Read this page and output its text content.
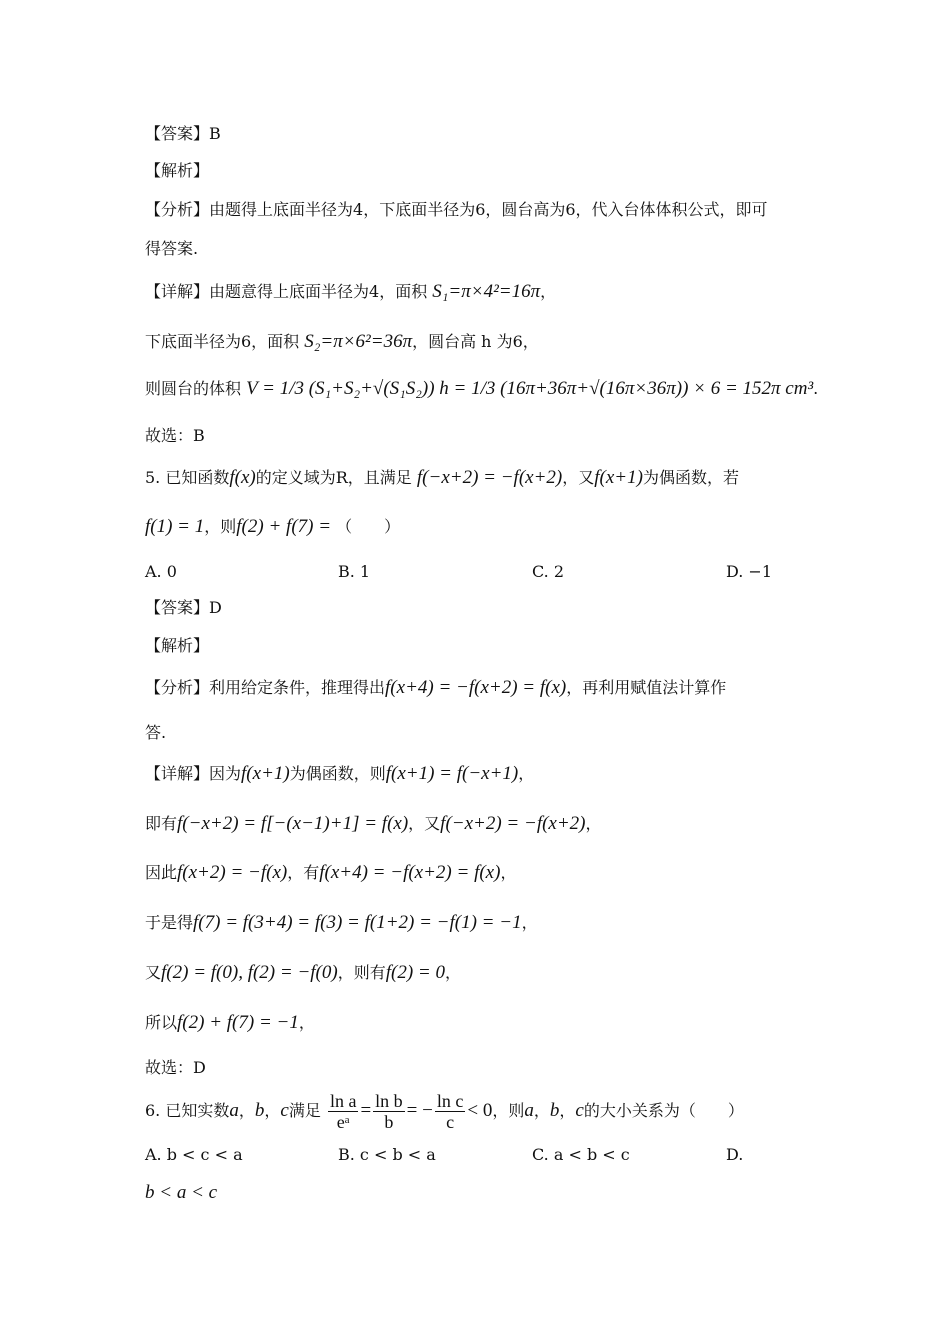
【答案】B
【解析】
【分析】由题得上底面半径为4，下底面半径为6，圆台高为6，代入台体体积公式，即可
得答案.
【详解】由题意得上底面半径为4，面积 S₁=π×4²=16π，
下底面半径为6，面积 S₂=π×6²=36π，圆台高 h 为6，
则圆台的体积 V = 1/3 (S₁+S₂+√(S₁S₂)) h = 1/3 (16π+36π+√(16π×36π)) × 6 = 152π cm³.
故选：B
5. 已知函数f(x)的定义域为R，且满足 f(−x+2) = −f(x+2)，又f(x+1)为偶函数，若
f(1) = 1，则f(2) + f(7) = （　　）
A. 0	B. 1	C. 2	D. −1
【答案】D
【解析】
【分析】利用给定条件，推理得出f(x+4) = −f(x+2) = f(x)，再利用赋值法计算作
答.
【详解】因为f(x+1)为偶函数，则f(x+1) = f(−x+1)，
即有f(−x+2) = f[−(x−1)+1] = f(x)，又f(−x+2) = −f(x+2)，
因此f(x+2) = −f(x)，有f(x+4) = −f(x+2) = f(x)，
于是得f(7) = f(3+4) = f(3) = f(1+2) = −f(1) = −1，
又f(2) = f(0), f(2) = −f(0)，则有f(2) = 0，
所以f(2) + f(7) = −1，
故选：D
6. 已知实数a，b，c满足 $\frac{\text{ln a}}{\text{eᵃ}} = \frac{\text{ln b}}{b}$ = − $\frac{\text{ln c}}{c} < 0$，则a，b，c的大小关系为（　　）
A. b < c < a	B. c < b < a	C. a < b < c	D.
b < a < c
